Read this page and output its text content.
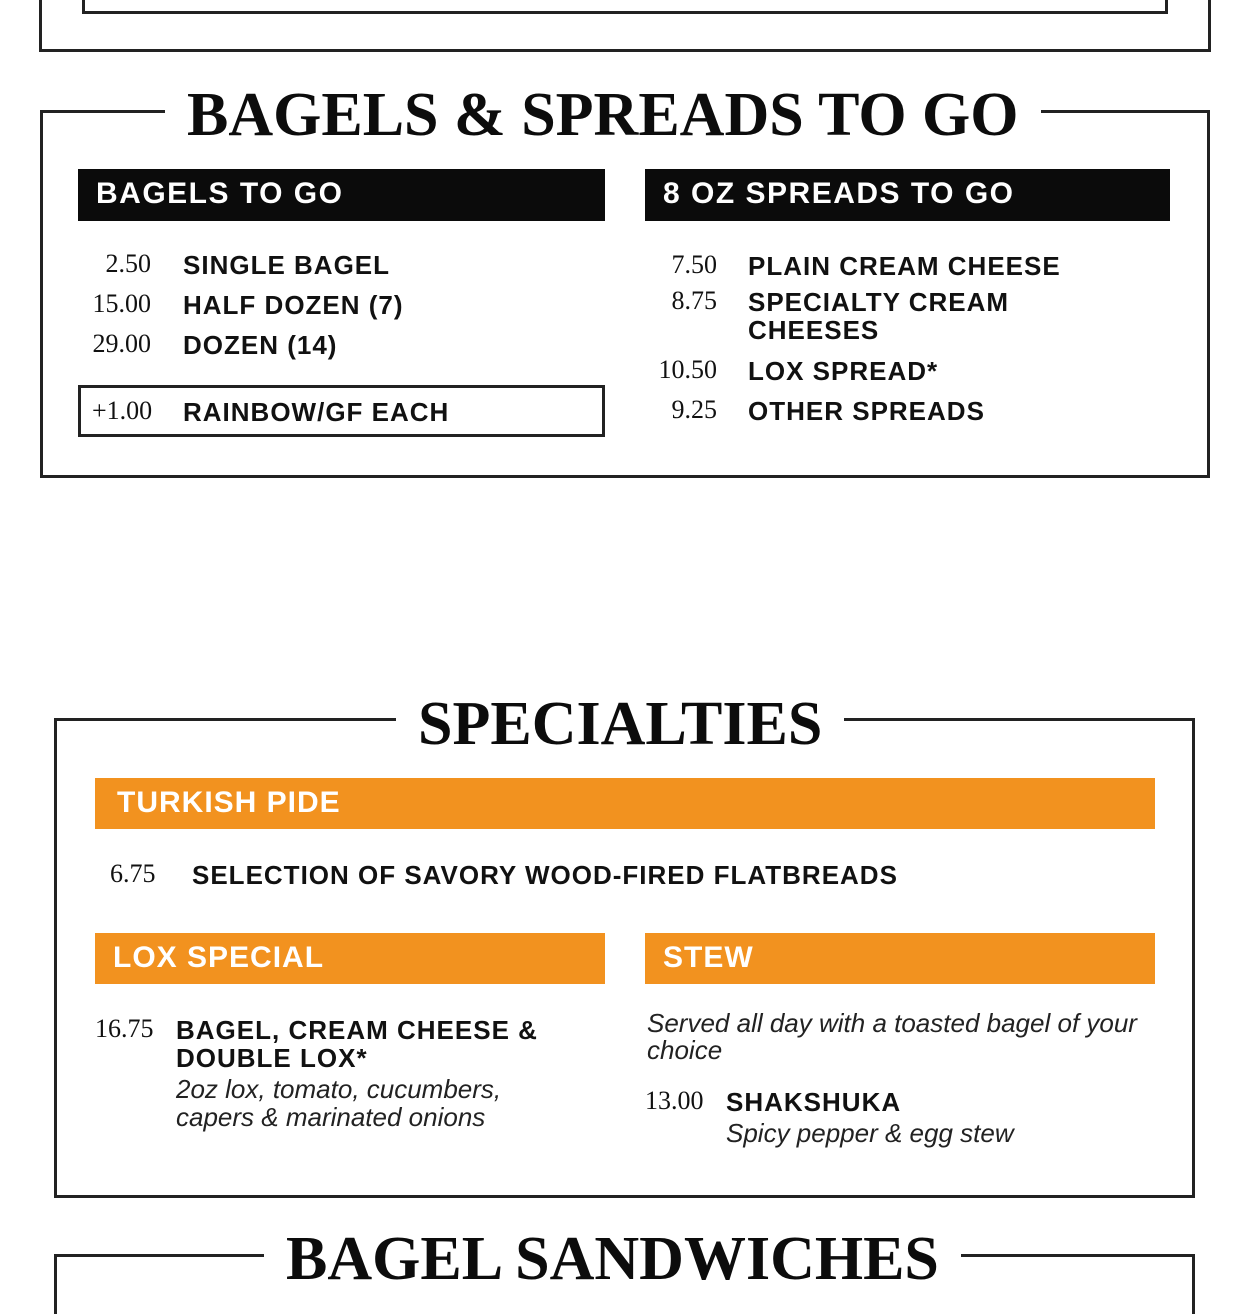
BAGELS & SPREADS TO GO
BAGELS TO GO
2.50 SINGLE BAGEL
15.00 HALF DOZEN (7)
29.00 DOZEN (14)
+1.00 RAINBOW/GF EACH
8 OZ SPREADS TO GO
7.50 PLAIN CREAM CHEESE
8.75 SPECIALTY CREAM CHEESES
10.50 LOX SPREAD*
9.25 OTHER SPREADS
SPECIALTIES
TURKISH PIDE
6.75 SELECTION OF SAVORY WOOD-FIRED FLATBREADS
LOX SPECIAL
16.75 BAGEL, CREAM CHEESE & DOUBLE LOX*
2oz lox, tomato, cucumbers, capers & marinated onions
STEW
Served all day with a toasted bagel of your choice
13.00 SHAKSHUKA
Spicy pepper & egg stew
BAGEL SANDWICHES
